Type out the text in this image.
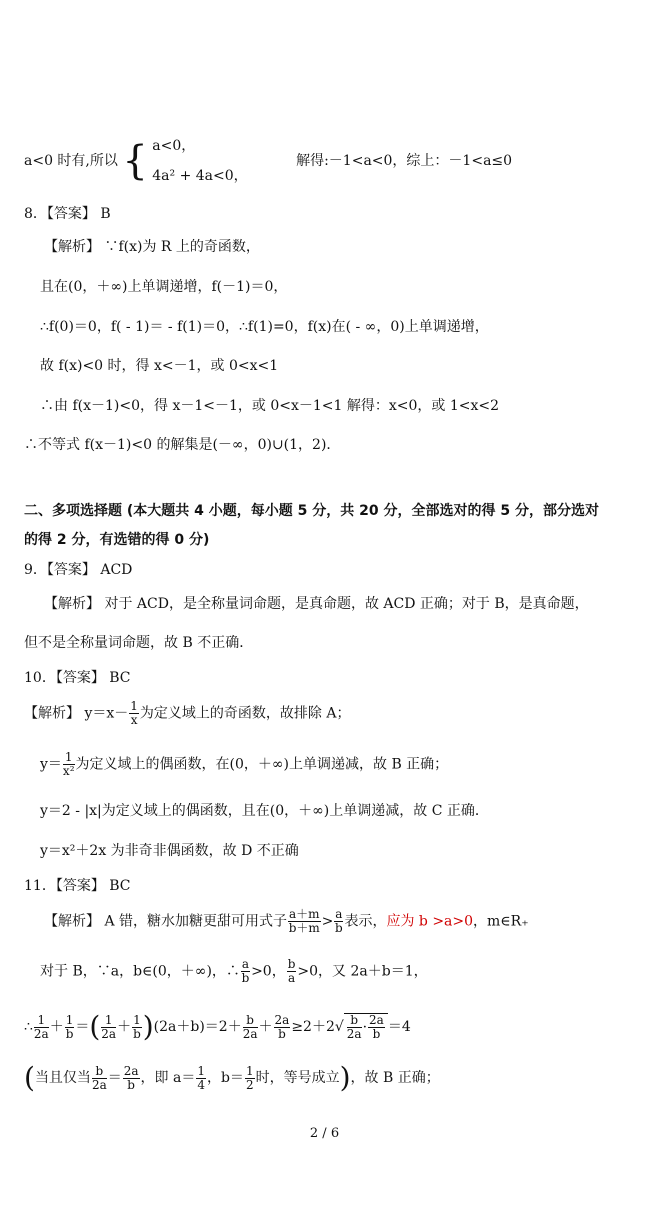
a<0 时有,所以 { a<0，
4a² + 4a<0，
解得:－1<a<0，综上：－1<a≤0
8．【答案】 B
【解析】 ∵f(x)为 R 上的奇函数，
且在(0，＋∞)上单调递增，f(－1)＝0，
∴f(0)＝0，f( - 1)＝ - f(1)＝0，∴f(1)=0，f(x)在( - ∞，0)上单调递增，
故 f(x)<0 时，得 x<－1，或 0<x<1
∴由 f(x－1)<0，得 x－1<－1，或 0<x－1<1 解得：x<0，或 1<x<2
∴不等式 f(x－1)<0 的解集是(－∞，0)∪(1，2)．
二、多项选择题 (本大题共 4 小题，每小题 5 分，共 20 分，全部选对的得 5 分，部分选对
的得 2 分，有选错的得 0 分)
9．【答案】 ACD
【解析】 对于 ACD，是全称量词命题，是真命题，故 ACD 正确；对于 B，是真命题，
但不是全称量词命题，故 B 不正确．
10．【答案】 BC
【解析】 $y=x- \frac{1}{x}$ 为定义域上的奇函数，故排除 A；
$y= \frac{1}{\text{x²}}$ 为定义域上的偶函数，在(0，＋∞)上单调递减，故 B 正确；
y＝2 - |x|为定义域上的偶函数，且在(0，＋∞)上单调递减，故 C 正确．
y＝x²＋2x 为非奇非偶函数，故 D 不正确
11．【答案】 BC
【解析】 A 错，糖水加糖更甜可用式子 $\frac{a+m}{b+m} > \frac{a}{b}$ 表示，应为 b >a>0，m∈R₊
对于 B，∵a，b∈(0，＋∞)，∴ $\frac{a}{b} >0$， $\frac{b}{a} >0$，又 2a＋b＝1，
∴ $\frac{1}{2a} + \frac{1}{b}$ ＝( $\frac{1}{2a} + \frac{1}{b} )(2a+b)=2+ \frac{b}{2a} + \frac{2a}{b} \ge 2+2√ \frac{b}{2a} \cdot \frac{2a}{b} =4$
(当且仅当 $\frac{b}{2a} = \frac{2a}{b}$ ，即 $a= \frac{1}{4}$ ，$b= \frac{1}{2}$ 时，等号成立)，故 B 正确；
2 / 6
